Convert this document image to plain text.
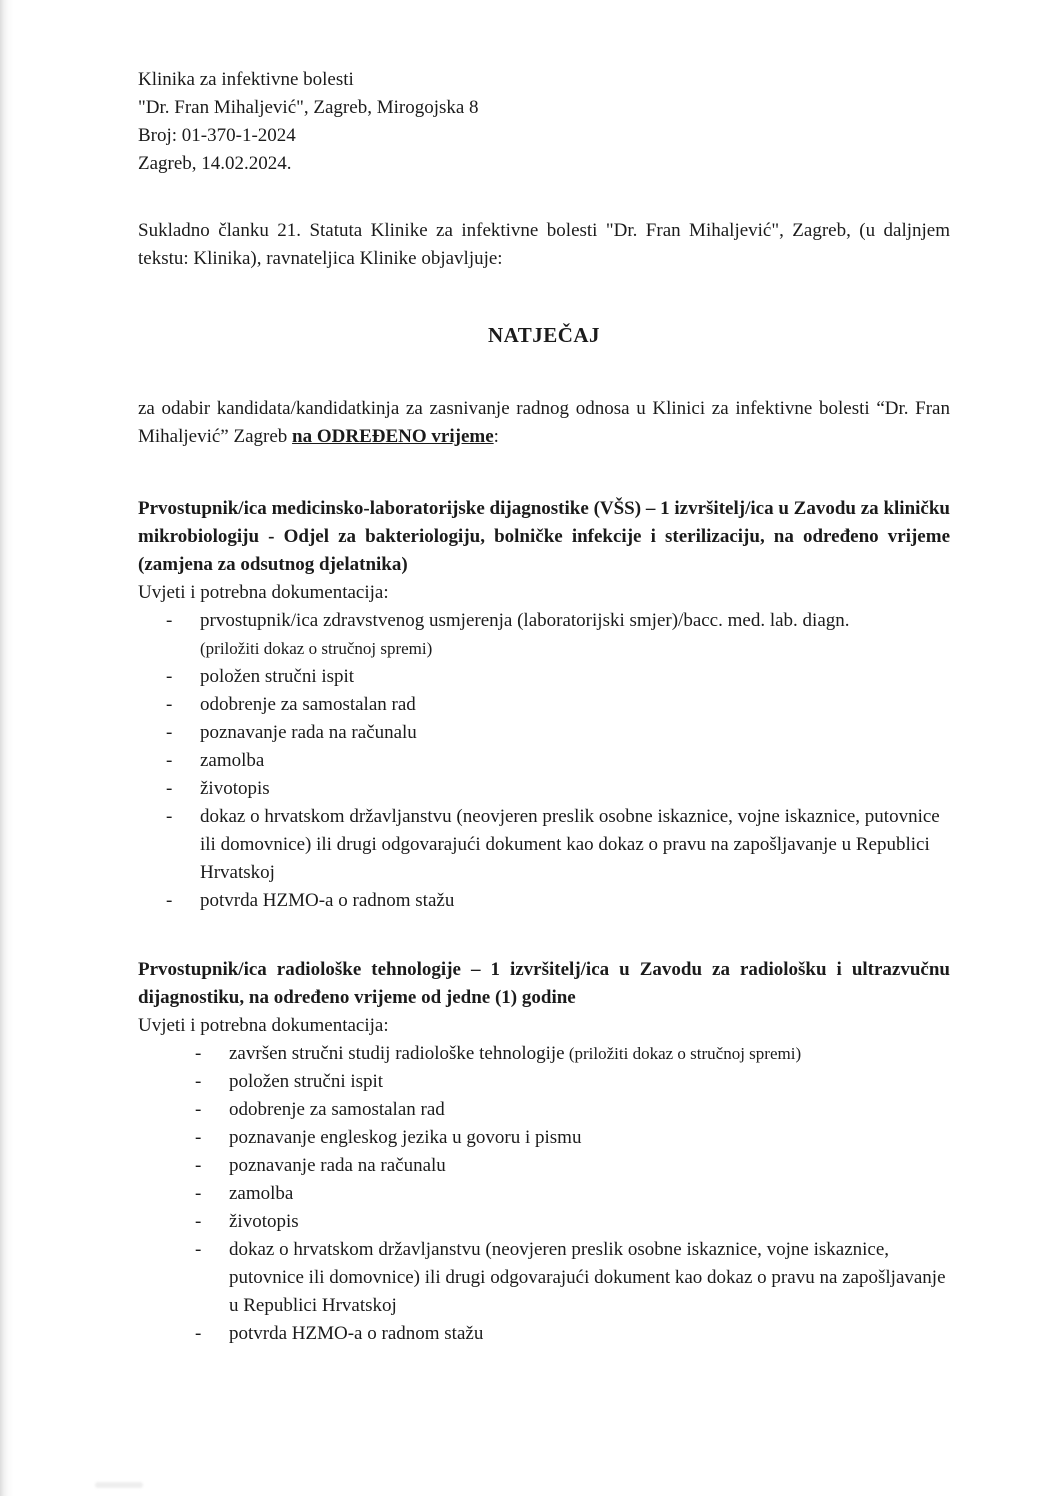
Klinika za infektivne bolesti
"Dr. Fran Mihaljević", Zagreb, Mirogojska 8
Broj: 01-370-1-2024
Zagreb, 14.02.2024.

Sukladno članku 21. Statuta Klinike za infektivne bolesti "Dr. Fran Mihaljević", Zagreb, (u daljnjem tekstu: Klinika), ravnateljica Klinike objavljuje:

NATJEČAJ

za odabir kandidata/kandidatkinja za zasnivanje radnog odnosa u Klinici za infektivne bolesti “Dr. Fran Mihaljević” Zagreb na ODREĐENO vrijeme:

Prvostupnik/ica medicinsko-laboratorijske dijagnostike (VŠS) – 1 izvršitelj/ica u Zavodu za kliničku mikrobiologiju - Odjel za bakteriologiju, bolničke infekcije i sterilizaciju, na određeno vrijeme (zamjena za odsutnog djelatnika)

Uvjeti i potrebna dokumentacija:

-	prvostupnik/ica zdravstvenog usmjerenja (laboratorijski smjer)/bacc. med. lab. diagn.
(priložiti dokaz o stručnoj spremi)
-	položen stručni ispit
-	odobrenje za samostalan rad
-	poznavanje rada na računalu
-	zamolba
-	životopis
-	dokaz o hrvatskom državljanstvu (neovjeren preslik osobne iskaznice, vojne iskaznice, putovnice ili domovnice) ili drugi odgovarajući dokument kao dokaz o pravu na zapošljavanje u Republici Hrvatskoj
-	potvrda HZMO-a o radnom stažu

Prvostupnik/ica radiološke tehnologije – 1 izvršitelj/ica u Zavodu za radiološku i ultrazvučnu dijagnostiku, na određeno vrijeme od jedne (1) godine

Uvjeti i potrebna dokumentacija:

-	završen stručni studij radiološke tehnologije (priložiti dokaz o stručnoj spremi)
-	položen stručni ispit
-	odobrenje za samostalan rad
-	poznavanje engleskog jezika u govoru i pismu
-	poznavanje rada na računalu
-	zamolba
-	životopis
-	dokaz o hrvatskom državljanstvu (neovjeren preslik osobne iskaznice, vojne iskaznice, putovnice ili domovnice) ili drugi odgovarajući dokument kao dokaz o pravu na zapošljavanje u Republici Hrvatskoj
-	potvrda HZMO-a o radnom stažu
